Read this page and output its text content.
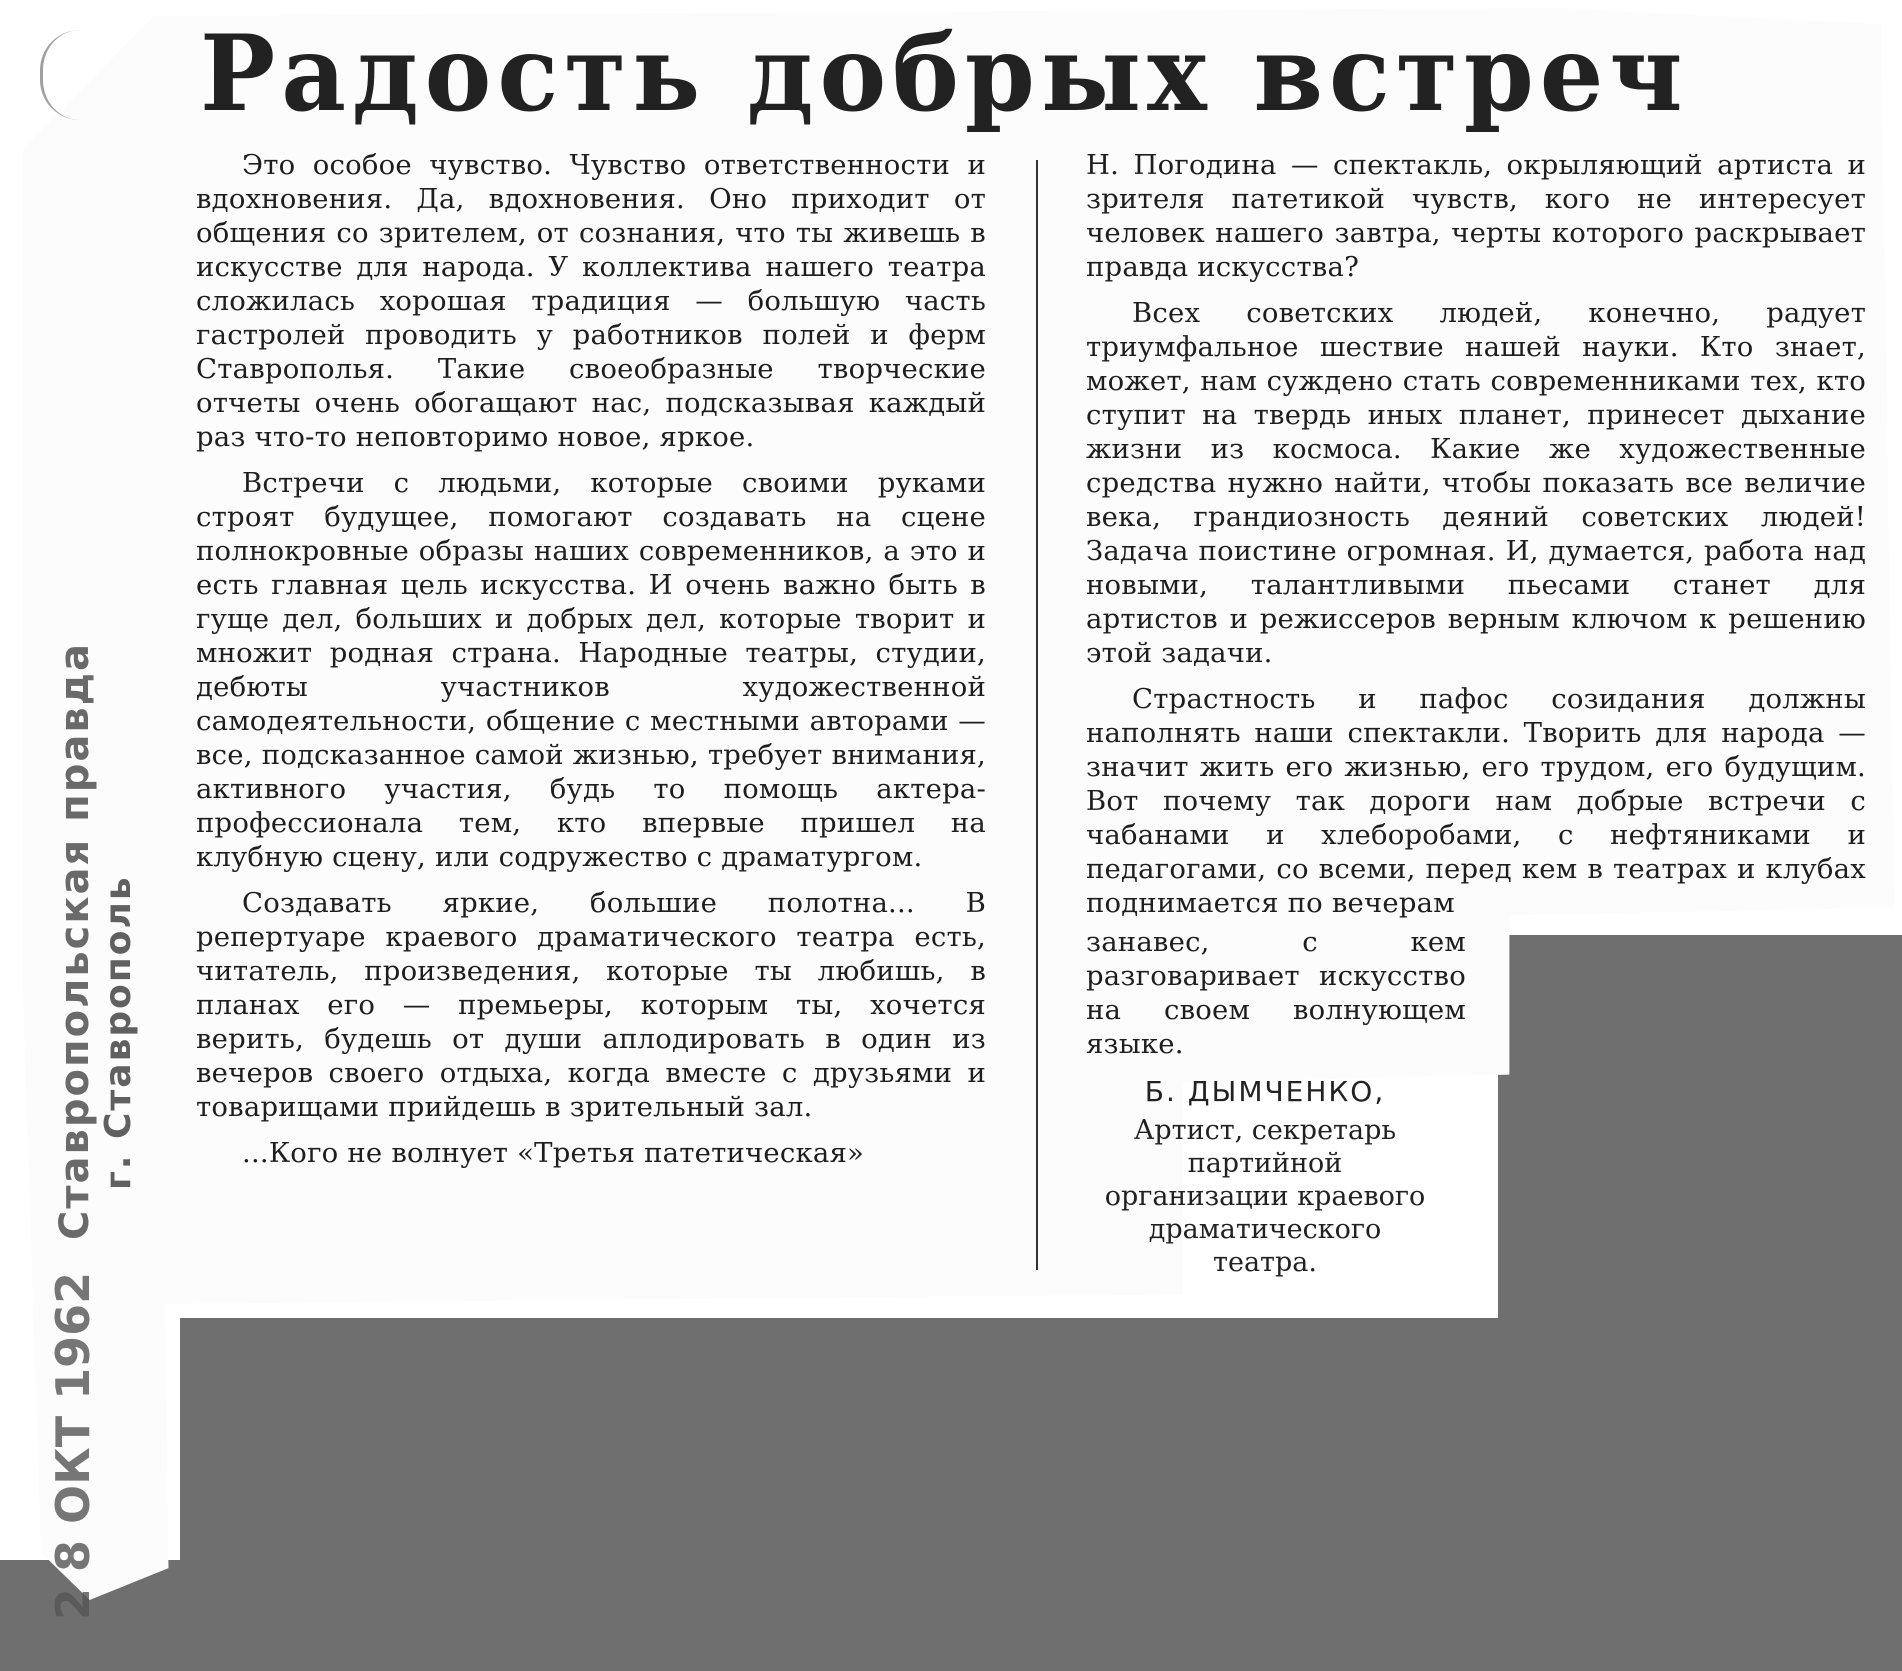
Радость добрых встреч
Ставропольская правда г. Ставрополь
2 8 ОКТ 1962

Это особое чувство. Чувство ответственности и вдохновения. Да, вдохновения. Оно приходит от общения со зрителем, от сознания, что ты живешь в искусстве для народа. У коллектива нашего театра сложилась хорошая традиция — большую часть гастролей проводить у работников полей и ферм Ставрополья. Такие своеобразные творческие отчеты очень обогащают нас, подсказывая каждый раз что-то неповторимо новое, яркое.

Встречи с людьми, которые своими руками строят будущее, помогают создавать на сцене полнокровные образы наших современников, а это и есть главная цель искусства. И очень важно быть в гуще дел, больших и добрых дел, которые творит и множит родная страна. Народные театры, студии, дебюты участников художественной самодеятельности, общение с местными авторами — все, подсказанное самой жизнью, требует внимания, активного участия, будь то помощь актера-профессионала тем, кто впервые пришел на клубную сцену, или содружество с драматургом.

Создавать яркие, большие полотна... В репертуаре краевого драматического театра есть, читатель, произведения, которые ты любишь, в планах его — премьеры, которым ты, хочется верить, будешь от души аплодировать в один из вечеров своего отдыха, когда вместе с друзьями и товарищами прийдешь в зрительный зал.

...Кого не волнует «Третья патетическая»

Н. Погодина — спектакль, окрыляющий артиста и зрителя патетикой чувств, кого не интересует человек нашего завтра, черты которого раскрывает правда искусства?

Всех советских людей, конечно, радует триумфальное шествие нашей науки. Кто знает, может, нам суждено стать современниками тех, кто ступит на твердь иных планет, принесет дыхание жизни из космоса. Какие же художественные средства нужно найти, чтобы показать все величие века, грандиозность деяний советских людей! Задача поистине огромная. И, думается, работа над новыми, талантливыми пьесами станет для артистов и режиссеров верным ключом к решению этой задачи.

Страстность и пафос созидания должны наполнять наши спектакли. Творить для народа — значит жить его жизнью, его трудом, его будущим. Вот почему так дороги нам добрые встречи с чабанами и хлеборобами, с нефтяниками и педагогами, со всеми, перед кем в театрах и клубах поднимается по вечерам

занавес, с кем разговаривает искусство на своем волнующем языке.

Б. ДЫМЧЕНКО,
Артист, секретарь партийной организации краевого драматического театра.
